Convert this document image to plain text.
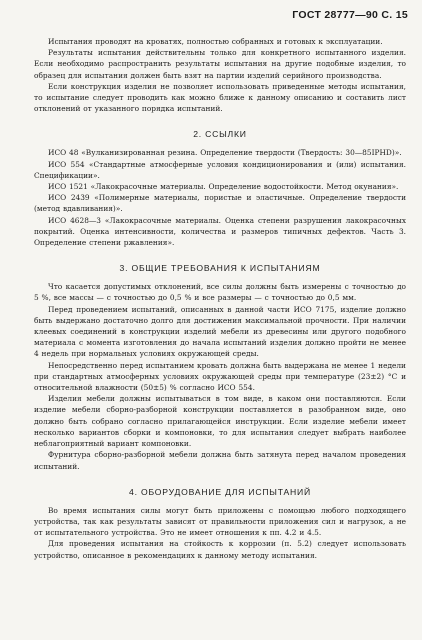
ГОСТ 28777—90 С. 15

Испытания проводят на кроватях, полностью собранных и готовых к эксплуатации.

Результаты испытания действительны только для конкретного испытанного изделия. Если необходимо распространить результаты испытания на другие подобные изделия, то образец для испытания должен быть взят на партии изделий серийного производства.

Если конструкция изделия не позволяет использовать приведенные методы испытания, то испытание следует проводить как можно ближе к данному описанию и составить лист отклонений от указанного порядка испытаний.

2. ССЫЛКИ

ИСО 48 «Вулканизированная резина. Определение твердости (Твердость: 30—85IPHD)».

ИСО 554 «Стандартные атмосферные условия кондиционирования и (или) испытания. Спецификации».

ИСО 1521 «Лакокрасочные материалы. Определение водостойкости. Метод окунания».

ИСО 2439 «Полимерные материалы, пористые и эластичные. Определение твердости (метод вдавливания)».

ИСО 4628—3 «Лакокрасочные материалы. Оценка степени разрушения лакокрасочных покрытий. Оценка интенсивности, количества и размеров типичных дефектов. Часть 3. Определение степени ржавления».

3. ОБЩИЕ ТРЕБОВАНИЯ К ИСПЫТАНИЯМ

Что касается допустимых отклонений, все силы должны быть измерены с точностью до 5 %, все массы — с точностью до 0,5 % и все размеры — с точностью до 0,5 мм.

Перед проведением испытаний, описанных в данной части ИСО 7175, изделие должно быть выдержано достаточно долго для достижения максимальной прочности. При наличии клеевых соединений в конструкции изделий мебели из древесины или другого подобного материала с момента изготовления до начала испытаний изделия должно пройти не менее 4 недель при нормальных условиях окружающей среды.

Непосредственно перед испытанием кровать должна быть выдержана не менее 1 недели при стандартных атмосферных условиях окружающей среды при температуре (23±2) °С и относительной влажности (50±5) % согласно ИСО 554.

Изделия мебели должны испытываться в том виде, в каком они поставляются. Если изделие мебели сборно-разборной конструкции поставляется в разобранном виде, оно должно быть собрано согласно прилагающейся инструкции. Если изделие мебели имеет несколько вариантов сборки и компоновки, то для испытания следует выбрать наиболее неблагоприятный вариант компоновки.

Фурнитура сборно-разборной мебели должна быть затянута перед началом проведения испытаний.

4. ОБОРУДОВАНИЕ ДЛЯ ИСПЫТАНИЙ

Во время испытания силы могут быть приложены с помощью любого подходящего устройства, так как результаты зависят от правильности приложения сил и нагрузок, а не от испытательного устройства. Это не имеет отношения к пп. 4.2 и 4.5.

Для проведения испытания на стойкость к коррозии (п. 5.2) следует использовать устройство, описанное в рекомендациях к данному методу испытания.
